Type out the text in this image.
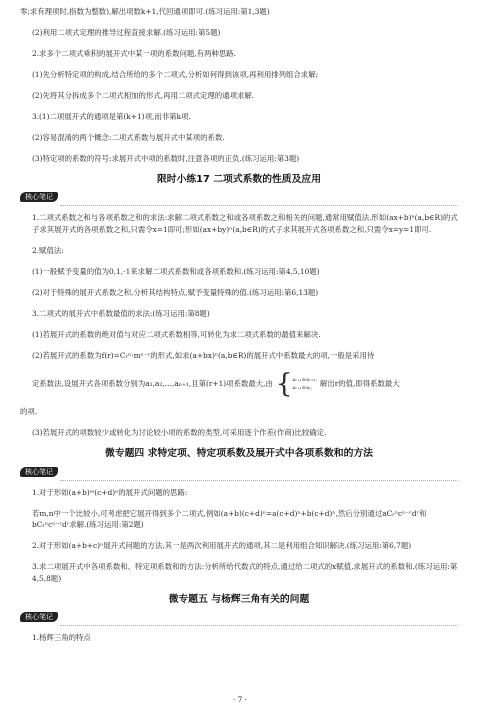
零;求有理项时,指数为整数),解出项数k+1,代回通项即可.(练习运用:第1,3题)

(2)利用二项式定理的推导过程直接求解.(练习运用:第5题)

2.求多个二项式乘积的展开式中某一项的系数问题,有两种思路.

(1)先分析特定项的构成,结合所给的多个二项式,分析如何得到该项,再利用排列组合求解;

(2)先将其分拆成多个二项式相加的形式,再用二项式定理的通项求解.

3.(1)二项展开式的通项是第(k+1)项,而非第k项.

(2)容易混淆的两个概念:二项式系数与展开式中某项的系数.

(3)特定项的系数的符号:求展开式中项的系数时,注意各项的正负.(练习运用:第3题)

限时小练17 二项式系数的性质及应用
核心笔记

1.二项式系数之和与各项系数之和的求法:求解二项式系数之和或各项系数之和相关的问题,通常用赋值法.形如(ax+b)ⁿ(a,b∈R)的式子求其展开式的各项系数之和,只需令x=1即可;形如(ax+by)ⁿ(a,b∈R)的式子求其展开式各项系数之和,只需令x=y=1即可.

2.赋值法:

(1)一般赋予变量的值为0,1,-1来求解二项式系数和或各项系数和.(练习运用:第4,5,10题)

(2)对于特殊的展开式系数之和,分析其结构特点,赋予变量特殊的值.(练习运用:第6,13题)

3.二项式的展开式中系数最值的求法:(练习运用:第8题)

(1)若展开式的系数的绝对值与对应二项式系数相等,可转化为求二项式系数的最值来解决.

(2)若展开式的系数为f(r)=Cᵣⁿ·mⁿ⁻ʳ的形式,如求(a+bx)ⁿ(a,b∈R)的展开式中系数最大的项,一般是采用待

定系数法,设展开式各项系数分别为a₁,a₂,…,aₙ₊₁,且第(r+1)项系数最大,由 { aᵣ₊₁≥aᵣ₊₂,
aᵣ₊₁≥aᵣ,	解出r的值,即得系数最大

的项.

(3)若展开式的项数较少或转化为讨论较小项的系数的类型,可采用逐个作差(作商)比较确定.

微专题四 求特定项、特定项系数及展开式中各项系数和的方法
核心笔记

1.对于形如(a+b)ᵐ(c+d)ⁿ的展开式问题的思路:

若m,n中一个比较小,可考虑把它展开得到多个二项式,例如(a+b)(c+d)ⁿ=a(c+d)ⁿ+b(c+d)ⁿ,然后分别通过aCᵣⁿcⁿ⁻ʳdʳ和bCᵣⁿcⁿ⁻ʳdʳ求解.(练习运用:第2题)

2.对于形如(a+b+c)ⁿ展开式问题的方法,其一是两次利用展开式的通项,其二是利用组合知识解决.(练习运用:第6,7题)

3.求二项展开式中各项系数和、特定项系数和的方法:分析所给代数式的特点,通过给二项式的x赋值,求展开式的系数和.(练习运用:第4,5,8题)

微专题五 与杨辉三角有关的问题
核心笔记

1.杨辉三角的特点

· 7 ·
